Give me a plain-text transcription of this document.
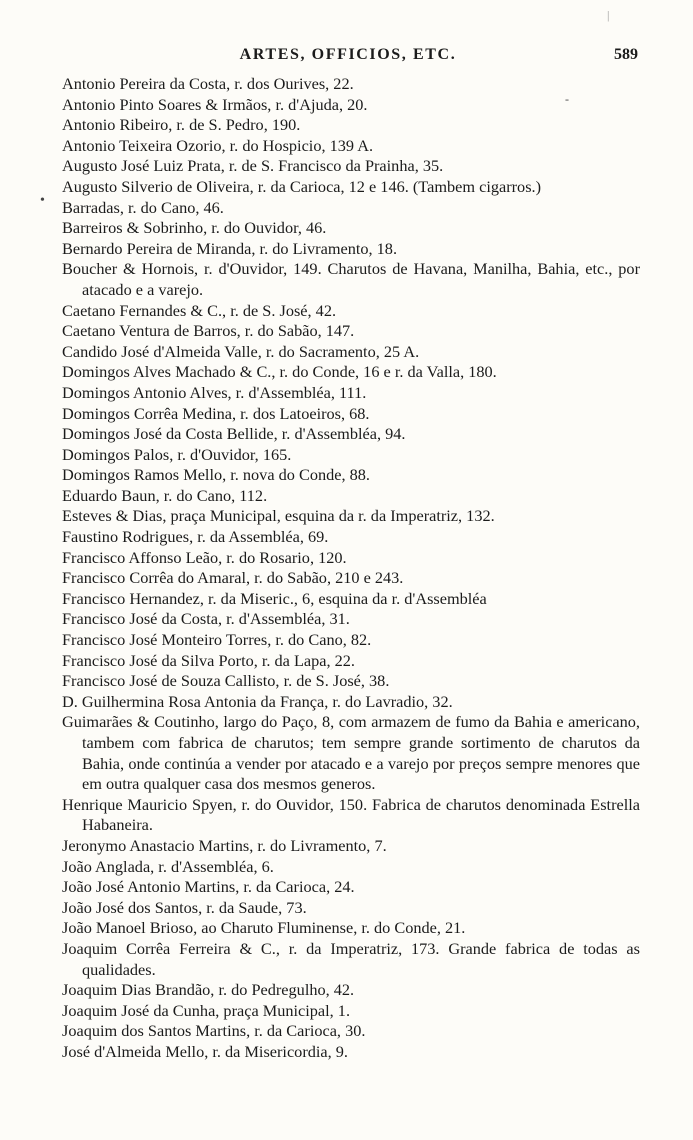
|
•
-
ARTES, OFFICIOS, ETC.	589
Antonio Pereira da Costa, r. dos Ourives, 22.
Antonio Pinto Soares & Irmãos, r. d'Ajuda, 20.
Antonio Ribeiro, r. de S. Pedro, 190.
Antonio Teixeira Ozorio, r. do Hospicio, 139 A.
Augusto José Luiz Prata, r. de S. Francisco da Prainha, 35.
Augusto Silverio de Oliveira, r. da Carioca, 12 e 146. (Tambem cigarros.)
Barradas, r. do Cano, 46.
Barreiros & Sobrinho, r. do Ouvidor, 46.
Bernardo Pereira de Miranda, r. do Livramento, 18.
Boucher & Hornois, r. d'Ouvidor, 149. Charutos de Havana, Manilha, Bahia, etc., por atacado e a varejo.
Caetano Fernandes & C., r. de S. José, 42.
Caetano Ventura de Barros, r. do Sabão, 147.
Candido José d'Almeida Valle, r. do Sacramento, 25 A.
Domingos Alves Machado & C., r. do Conde, 16 e r. da Valla, 180.
Domingos Antonio Alves, r. d'Assembléa, 111.
Domingos Corrêa Medina, r. dos Latoeiros, 68.
Domingos José da Costa Bellide, r. d'Assembléa, 94.
Domingos Palos, r. d'Ouvidor, 165.
Domingos Ramos Mello, r. nova do Conde, 88.
Eduardo Baun, r. do Cano, 112.
Esteves & Dias, praça Municipal, esquina da r. da Imperatriz, 132.
Faustino Rodrigues, r. da Assembléa, 69.
Francisco Affonso Leão, r. do Rosario, 120.
Francisco Corrêa do Amaral, r. do Sabão, 210 e 243.
Francisco Hernandez, r. da Miseric., 6, esquina da r. d'Assembléa
Francisco José da Costa, r. d'Assembléa, 31.
Francisco José Monteiro Torres, r. do Cano, 82.
Francisco José da Silva Porto, r. da Lapa, 22.
Francisco José de Souza Callisto, r. de S. José, 38.
D. Guilhermina Rosa Antonia da França, r. do Lavradio, 32.
Guimarães & Coutinho, largo do Paço, 8, com armazem de fumo da Bahia e americano, tambem com fabrica de charutos; tem sempre grande sortimento de charutos da Bahia, onde continúa a vender por atacado e a varejo por preços sempre menores que em outra qualquer casa dos mesmos generos.
Henrique Mauricio Spyen, r. do Ouvidor, 150. Fabrica de charutos denominada Estrella Habaneira.
Jeronymo Anastacio Martins, r. do Livramento, 7.
João Anglada, r. d'Assembléa, 6.
João José Antonio Martins, r. da Carioca, 24.
João José dos Santos, r. da Saude, 73.
João Manoel Brioso, ao Charuto Fluminense, r. do Conde, 21.
Joaquim Corrêa Ferreira & C., r. da Imperatriz, 173. Grande fabrica de todas as qualidades.
Joaquim Dias Brandão, r. do Pedregulho, 42.
Joaquim José da Cunha, praça Municipal, 1.
Joaquim dos Santos Martins, r. da Carioca, 30.
José d'Almeida Mello, r. da Misericordia, 9.
